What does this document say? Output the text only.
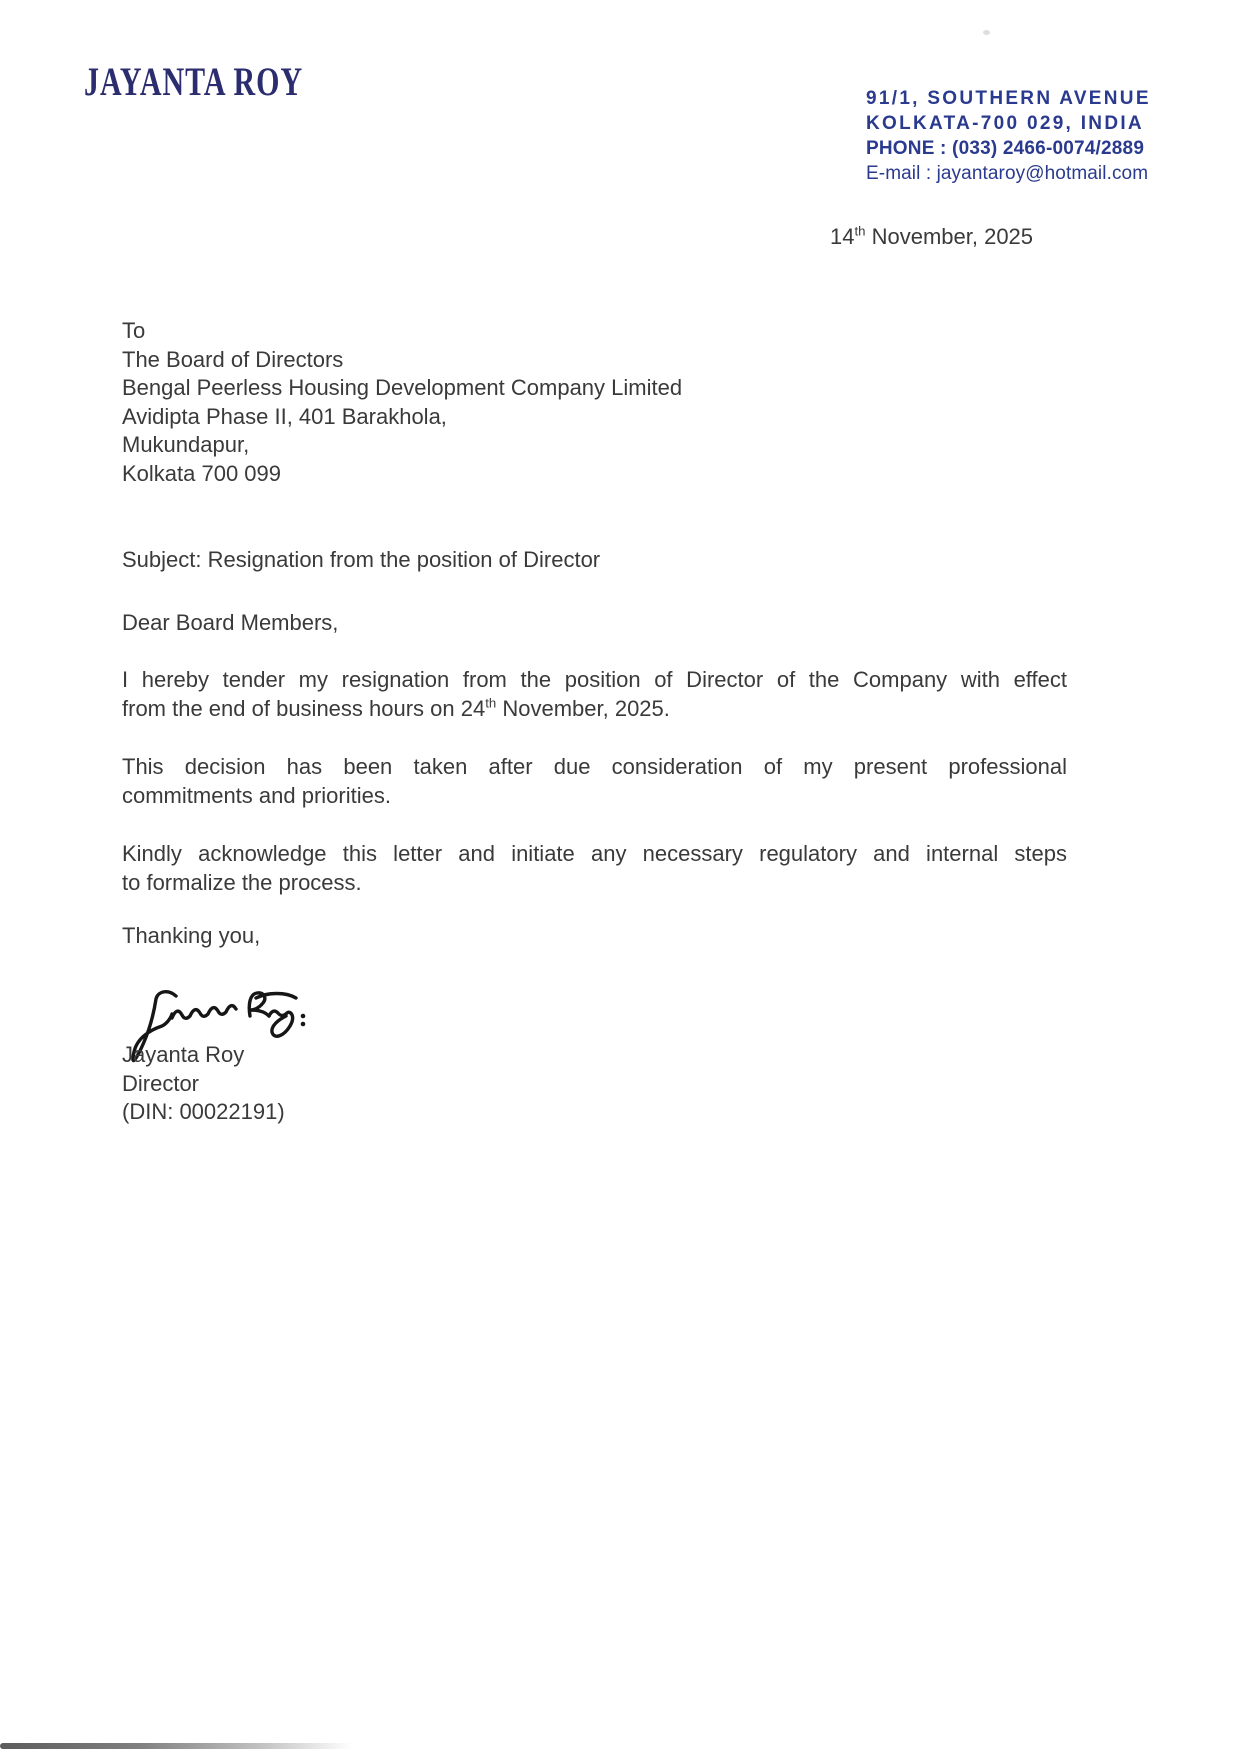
JAYANTA ROY	91/1, SOUTHERN AVENUE
KOLKATA-700 029, INDIA
PHONE : (033) 2466-0074/2889
E-mail : jayantaroy@hotmail.com
14th November, 2025
To
The Board of Directors
Bengal Peerless Housing Development Company Limited
Avidipta Phase II, 401 Barakhola,
Mukundapur,
Kolkata 700 099
Subject: Resignation from the position of Director
Dear Board Members,
I hereby tender my resignation from the position of Director of the Company with effect
from the end of business hours on 24th November, 2025.
This decision has been taken after due consideration of my present professional
commitments and priorities.
Kindly acknowledge this letter and initiate any necessary regulatory and internal steps
to formalize the process.
Thanking you,
Jayanta Roy
Director
(DIN: 00022191)
